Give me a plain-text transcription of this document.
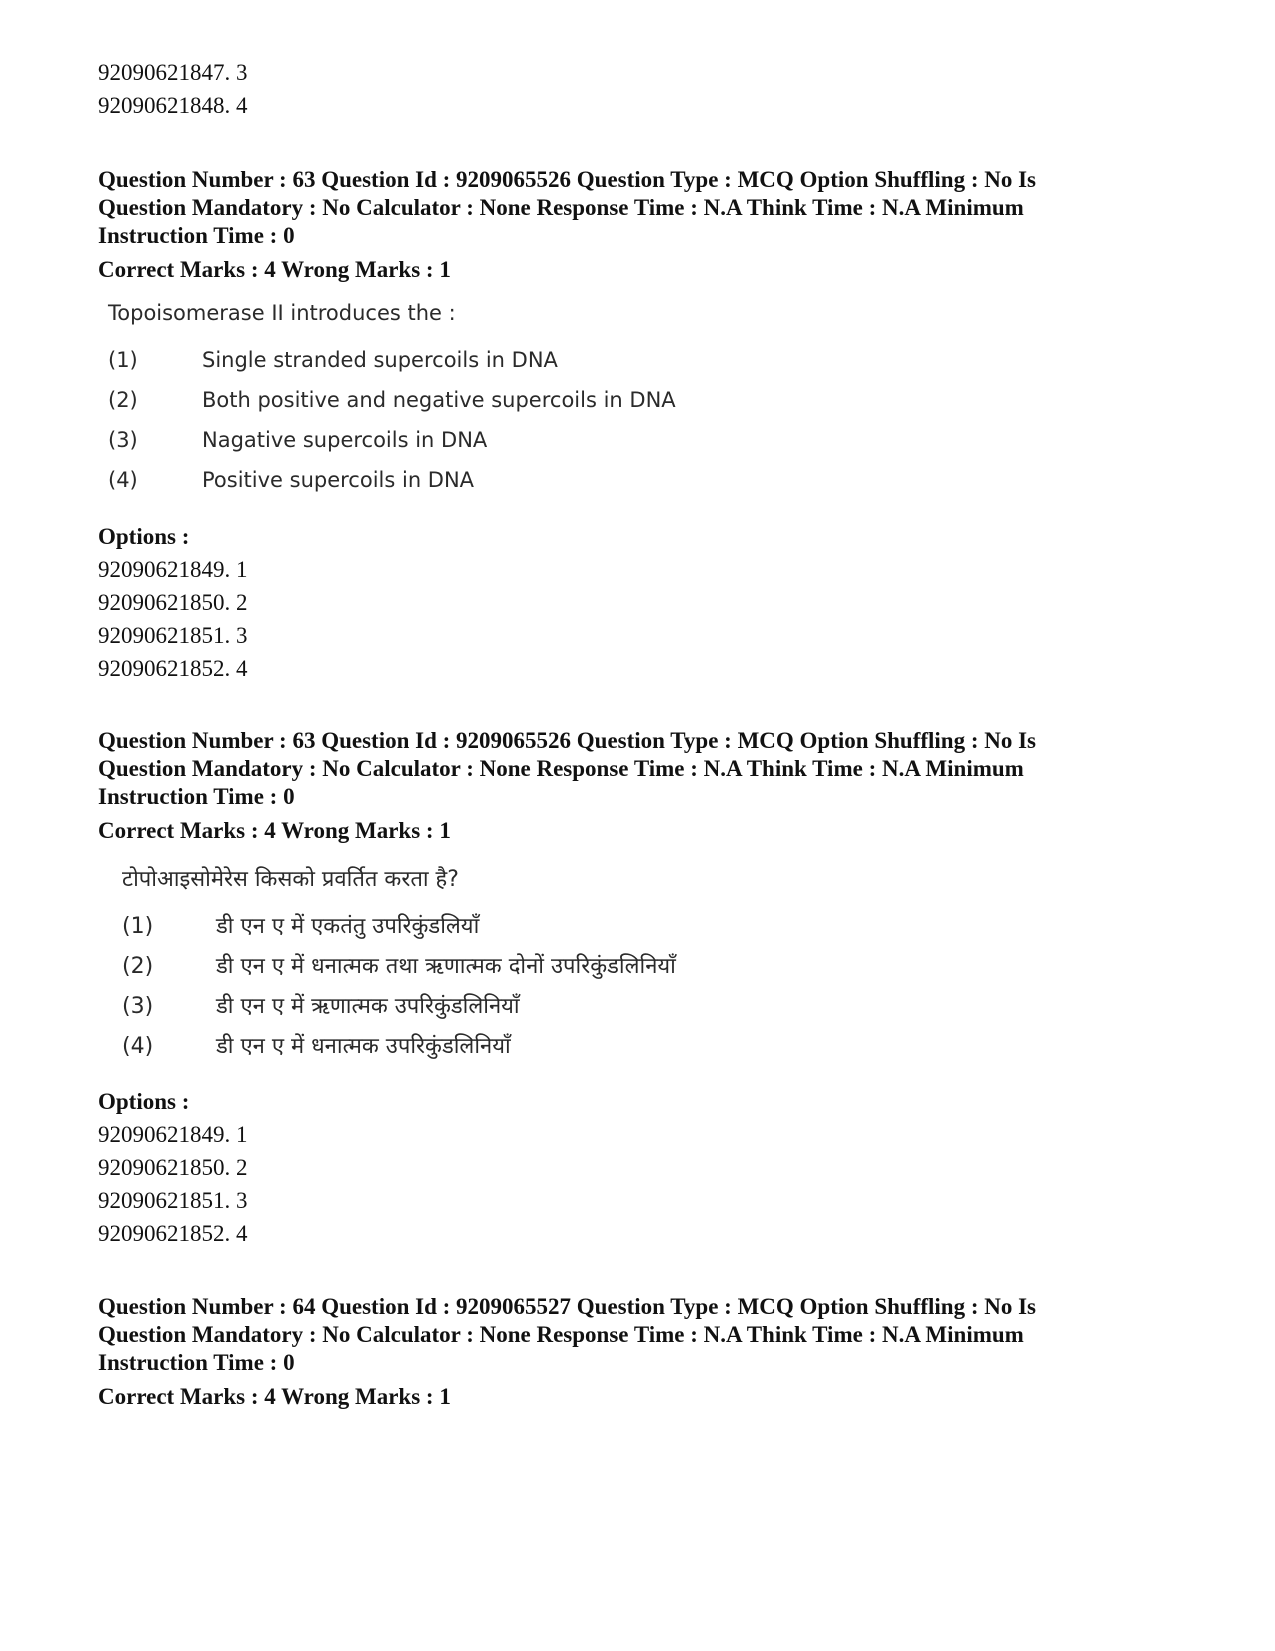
92090621847. 3
92090621848. 4
Question Number : 63 Question Id : 9209065526 Question Type : MCQ Option Shuffling : No Is
Question Mandatory : No Calculator : None Response Time : N.A Think Time : N.A Minimum
Instruction Time : 0
Correct Marks : 4 Wrong Marks : 1
Topoisomerase II introduces the :
(1)	Single stranded supercoils in DNA
(2)	Both positive and negative supercoils in DNA
(3)	Nagative supercoils in DNA
(4)	Positive supercoils in DNA
Options :
92090621849. 1
92090621850. 2
92090621851. 3
92090621852. 4
Question Number : 63 Question Id : 9209065526 Question Type : MCQ Option Shuffling : No Is
Question Mandatory : No Calculator : None Response Time : N.A Think Time : N.A Minimum
Instruction Time : 0
Correct Marks : 4 Wrong Marks : 1
टोपोआइसोमेरेस किसको प्रवर्तित करता है?
(1)	डी एन ए में एकतंतु उपरिकुंडलियाँ
(2)	डी एन ए में धनात्मक तथा ऋणात्मक दोनों उपरिकुंडलिनियाँ
(3)	डी एन ए में ऋणात्मक उपरिकुंडलिनियाँ
(4)	डी एन ए में धनात्मक उपरिकुंडलिनियाँ
Options :
92090621849. 1
92090621850. 2
92090621851. 3
92090621852. 4
Question Number : 64 Question Id : 9209065527 Question Type : MCQ Option Shuffling : No Is
Question Mandatory : No Calculator : None Response Time : N.A Think Time : N.A Minimum
Instruction Time : 0
Correct Marks : 4 Wrong Marks : 1
